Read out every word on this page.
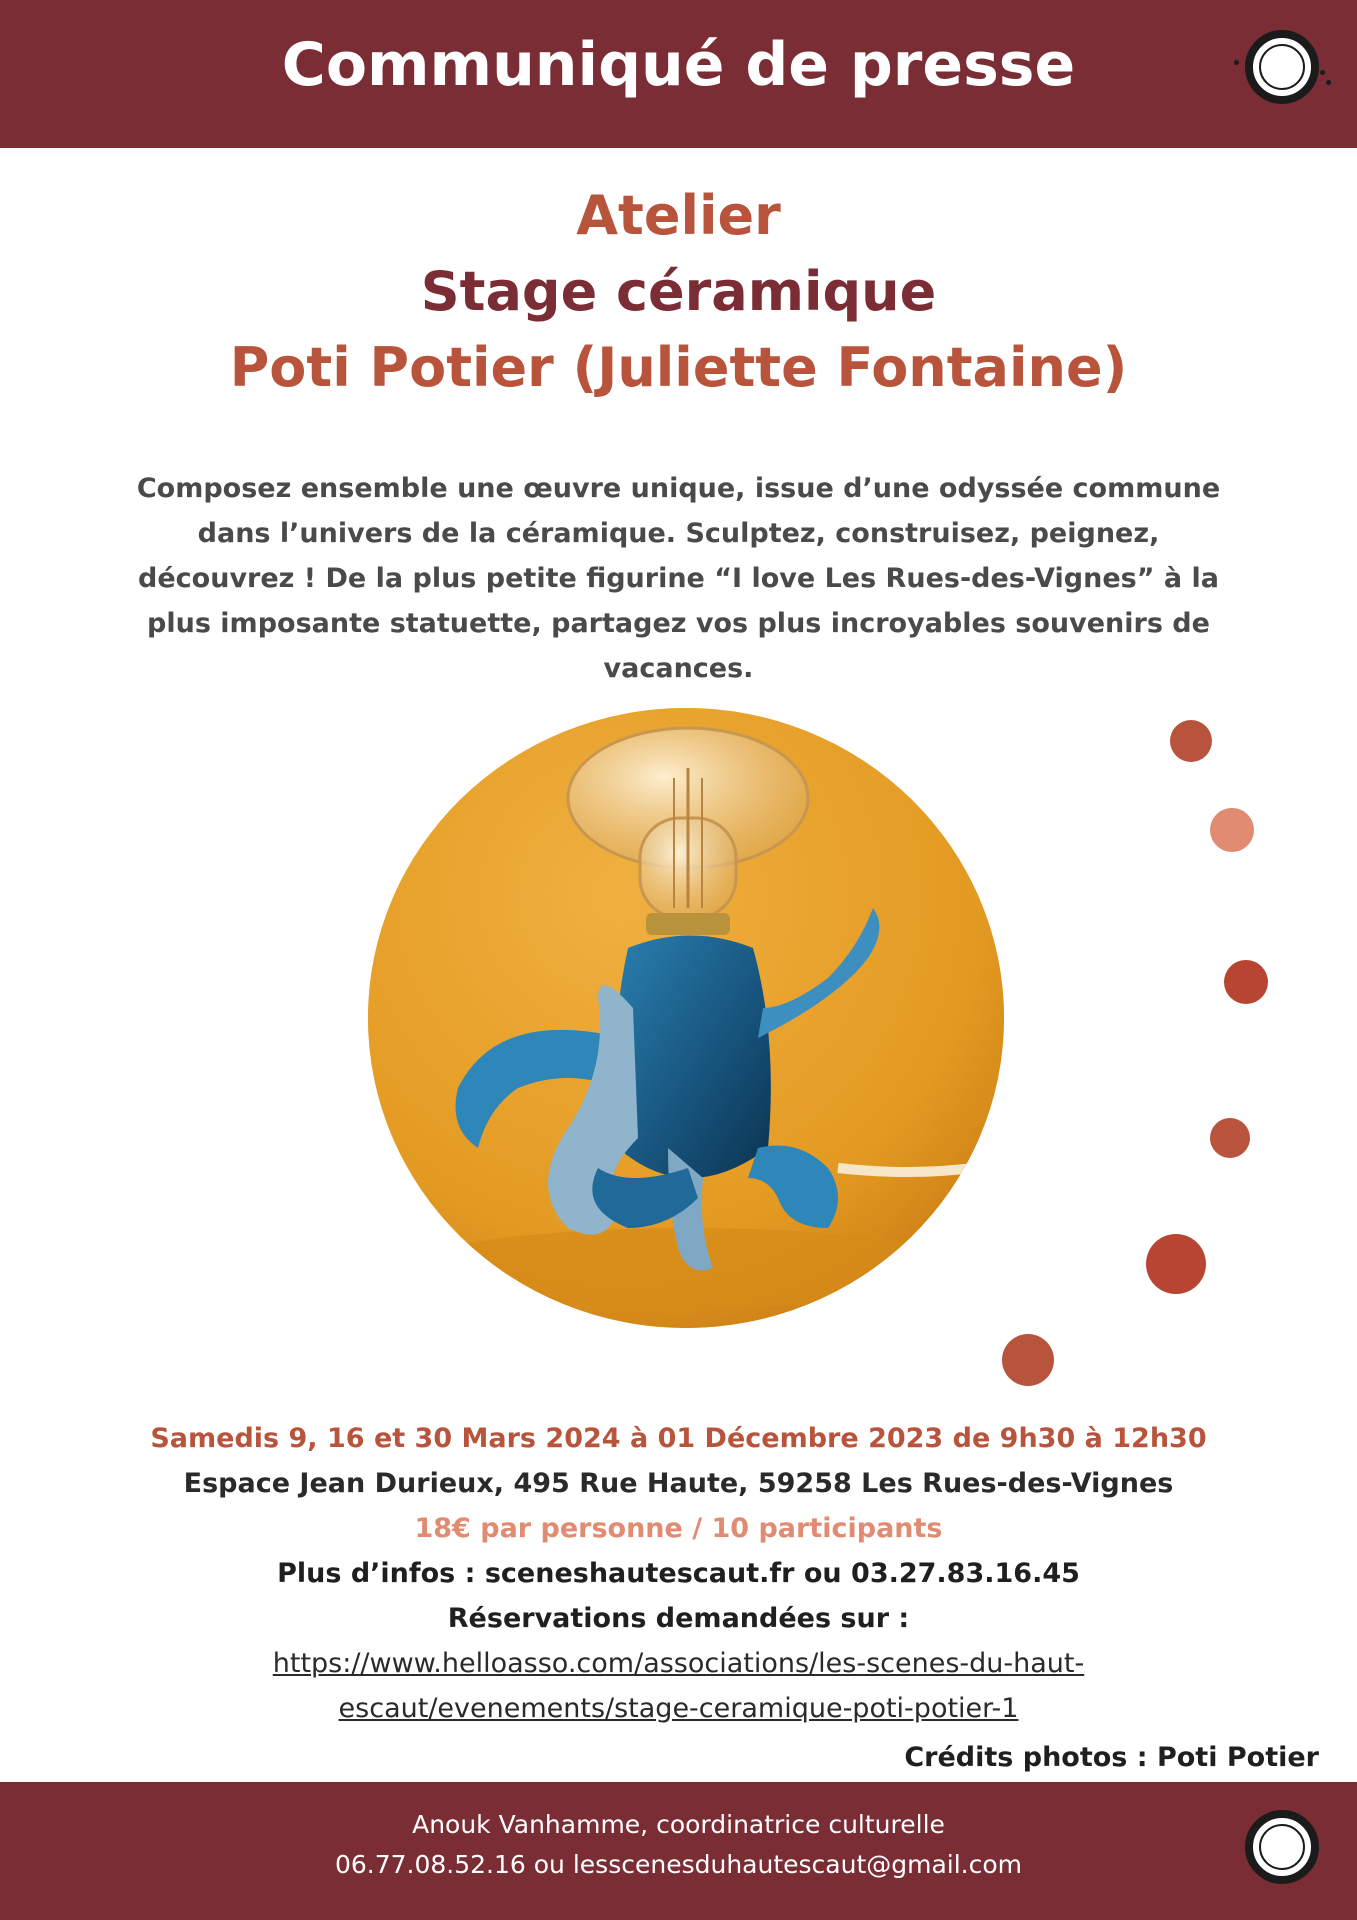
Communiqué de presse
Atelier
Stage céramique
Poti Potier (Juliette Fontaine)
Composez ensemble une œuvre unique, issue d’une odyssée commune dans l’univers de la céramique. Sculptez, construisez, peignez, découvrez ! De la plus petite figurine “I love Les Rues-des-Vignes” à la plus imposante statuette, partagez vos plus incroyables souvenirs de vacances.
Samedis 9, 16 et 30 Mars 2024 à 01 Décembre 2023 de 9h30 à 12h30
Espace Jean Durieux, 495 Rue Haute, 59258 Les Rues-des-Vignes
18€ par personne / 10 participants
Plus d’infos : sceneshautescaut.fr ou 03.27.83.16.45
Réservations demandées sur :
https://www.helloasso.com/associations/les-scenes-du-haut-
escaut/evenements/stage-ceramique-poti-potier-1
Crédits photos : Poti Potier
Anouk Vanhamme, coordinatrice culturelle
06.77.08.52.16 ou lesscenesduhautescaut@gmail.com
